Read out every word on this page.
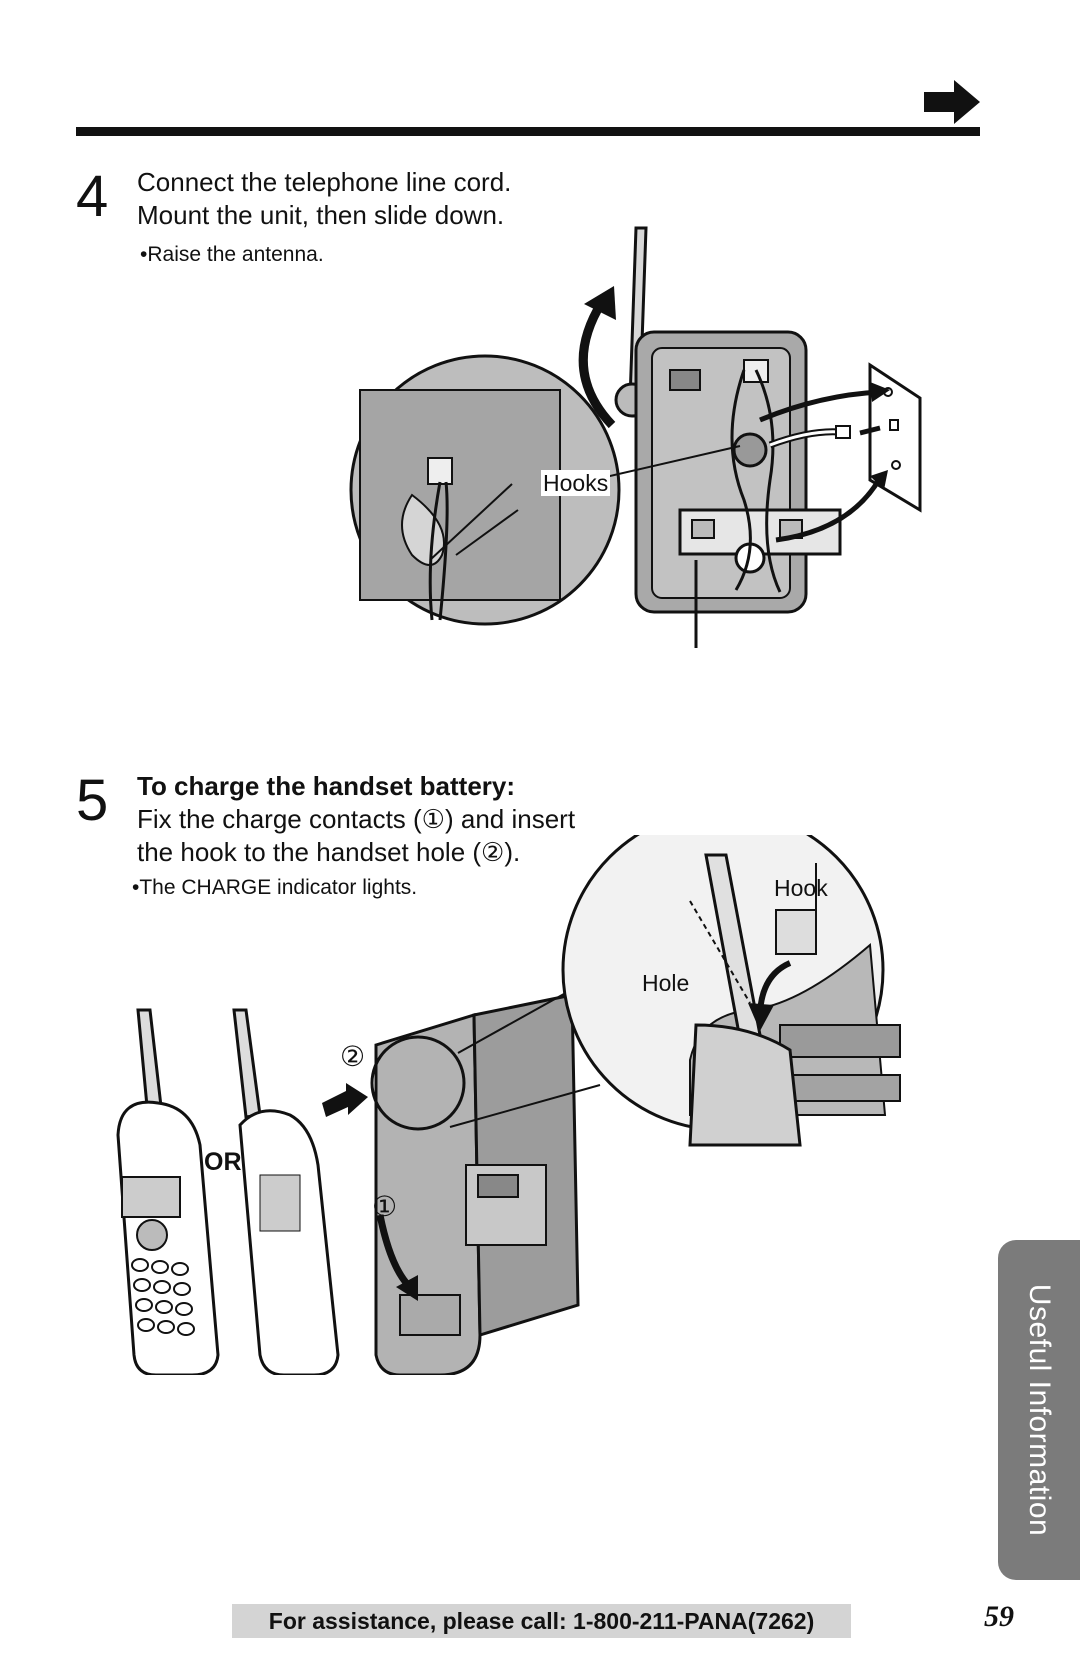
4 Connect the telephone line cord.
Mount the unit, then slide down.
•Raise the antenna.
Hooks
5 To charge the handset battery:
Fix the charge contacts (①) and insert
the hook to the handset hole (②).
•The CHARGE indicator lights.	Hook
Hole
OR
②
①
Useful Information
For assistance, please call: 1-800-211-PANA(7262)	59
